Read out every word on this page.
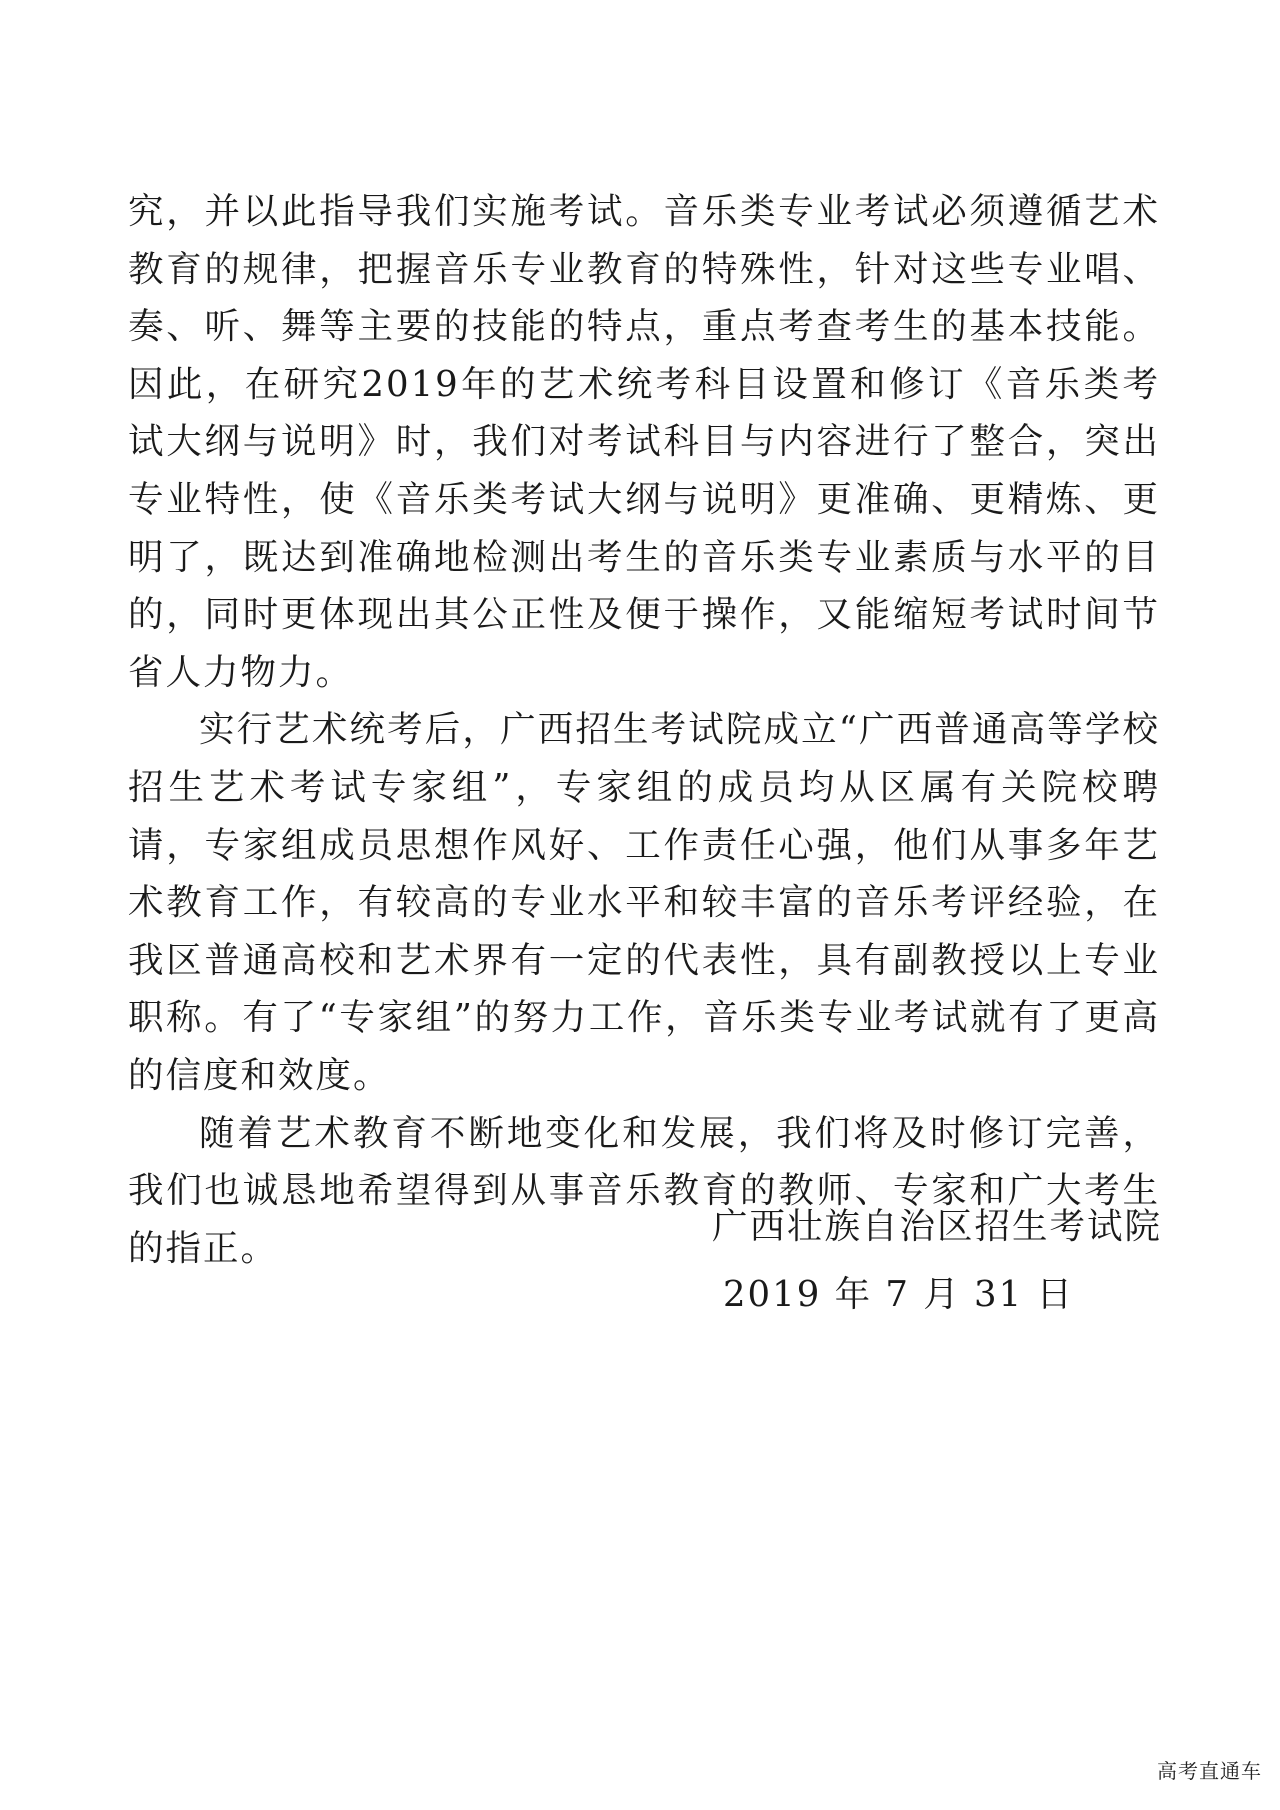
究，并以此指导我们实施考试。音乐类专业考试必须遵循艺术教育的规律，把握音乐专业教育的特殊性，针对这些专业唱、奏、听、舞等主要的技能的特点，重点考查考生的基本技能。因此，在研究2019年的艺术统考科目设置和修订《音乐类考试大纲与说明》时，我们对考试科目与内容进行了整合，突出专业特性，使《音乐类考试大纲与说明》更准确、更精炼、更明了，既达到准确地检测出考生的音乐类专业素质与水平的目的，同时更体现出其公正性及便于操作，又能缩短考试时间节省人力物力。

实行艺术统考后，广西招生考试院成立“广西普通高等学校招生艺术考试专家组”，专家组的成员均从区属有关院校聘请，专家组成员思想作风好、工作责任心强，他们从事多年艺术教育工作，有较高的专业水平和较丰富的音乐考评经验，在我区普通高校和艺术界有一定的代表性，具有副教授以上专业职称。有了“专家组”的努力工作，音乐类专业考试就有了更高的信度和效度。

随着艺术教育不断地变化和发展，我们将及时修订完善，我们也诚恳地希望得到从事音乐教育的教师、专家和广大考生的指正。

广西壮族自治区招生考试院
2019 年 7 月 31 日
高考直通车
